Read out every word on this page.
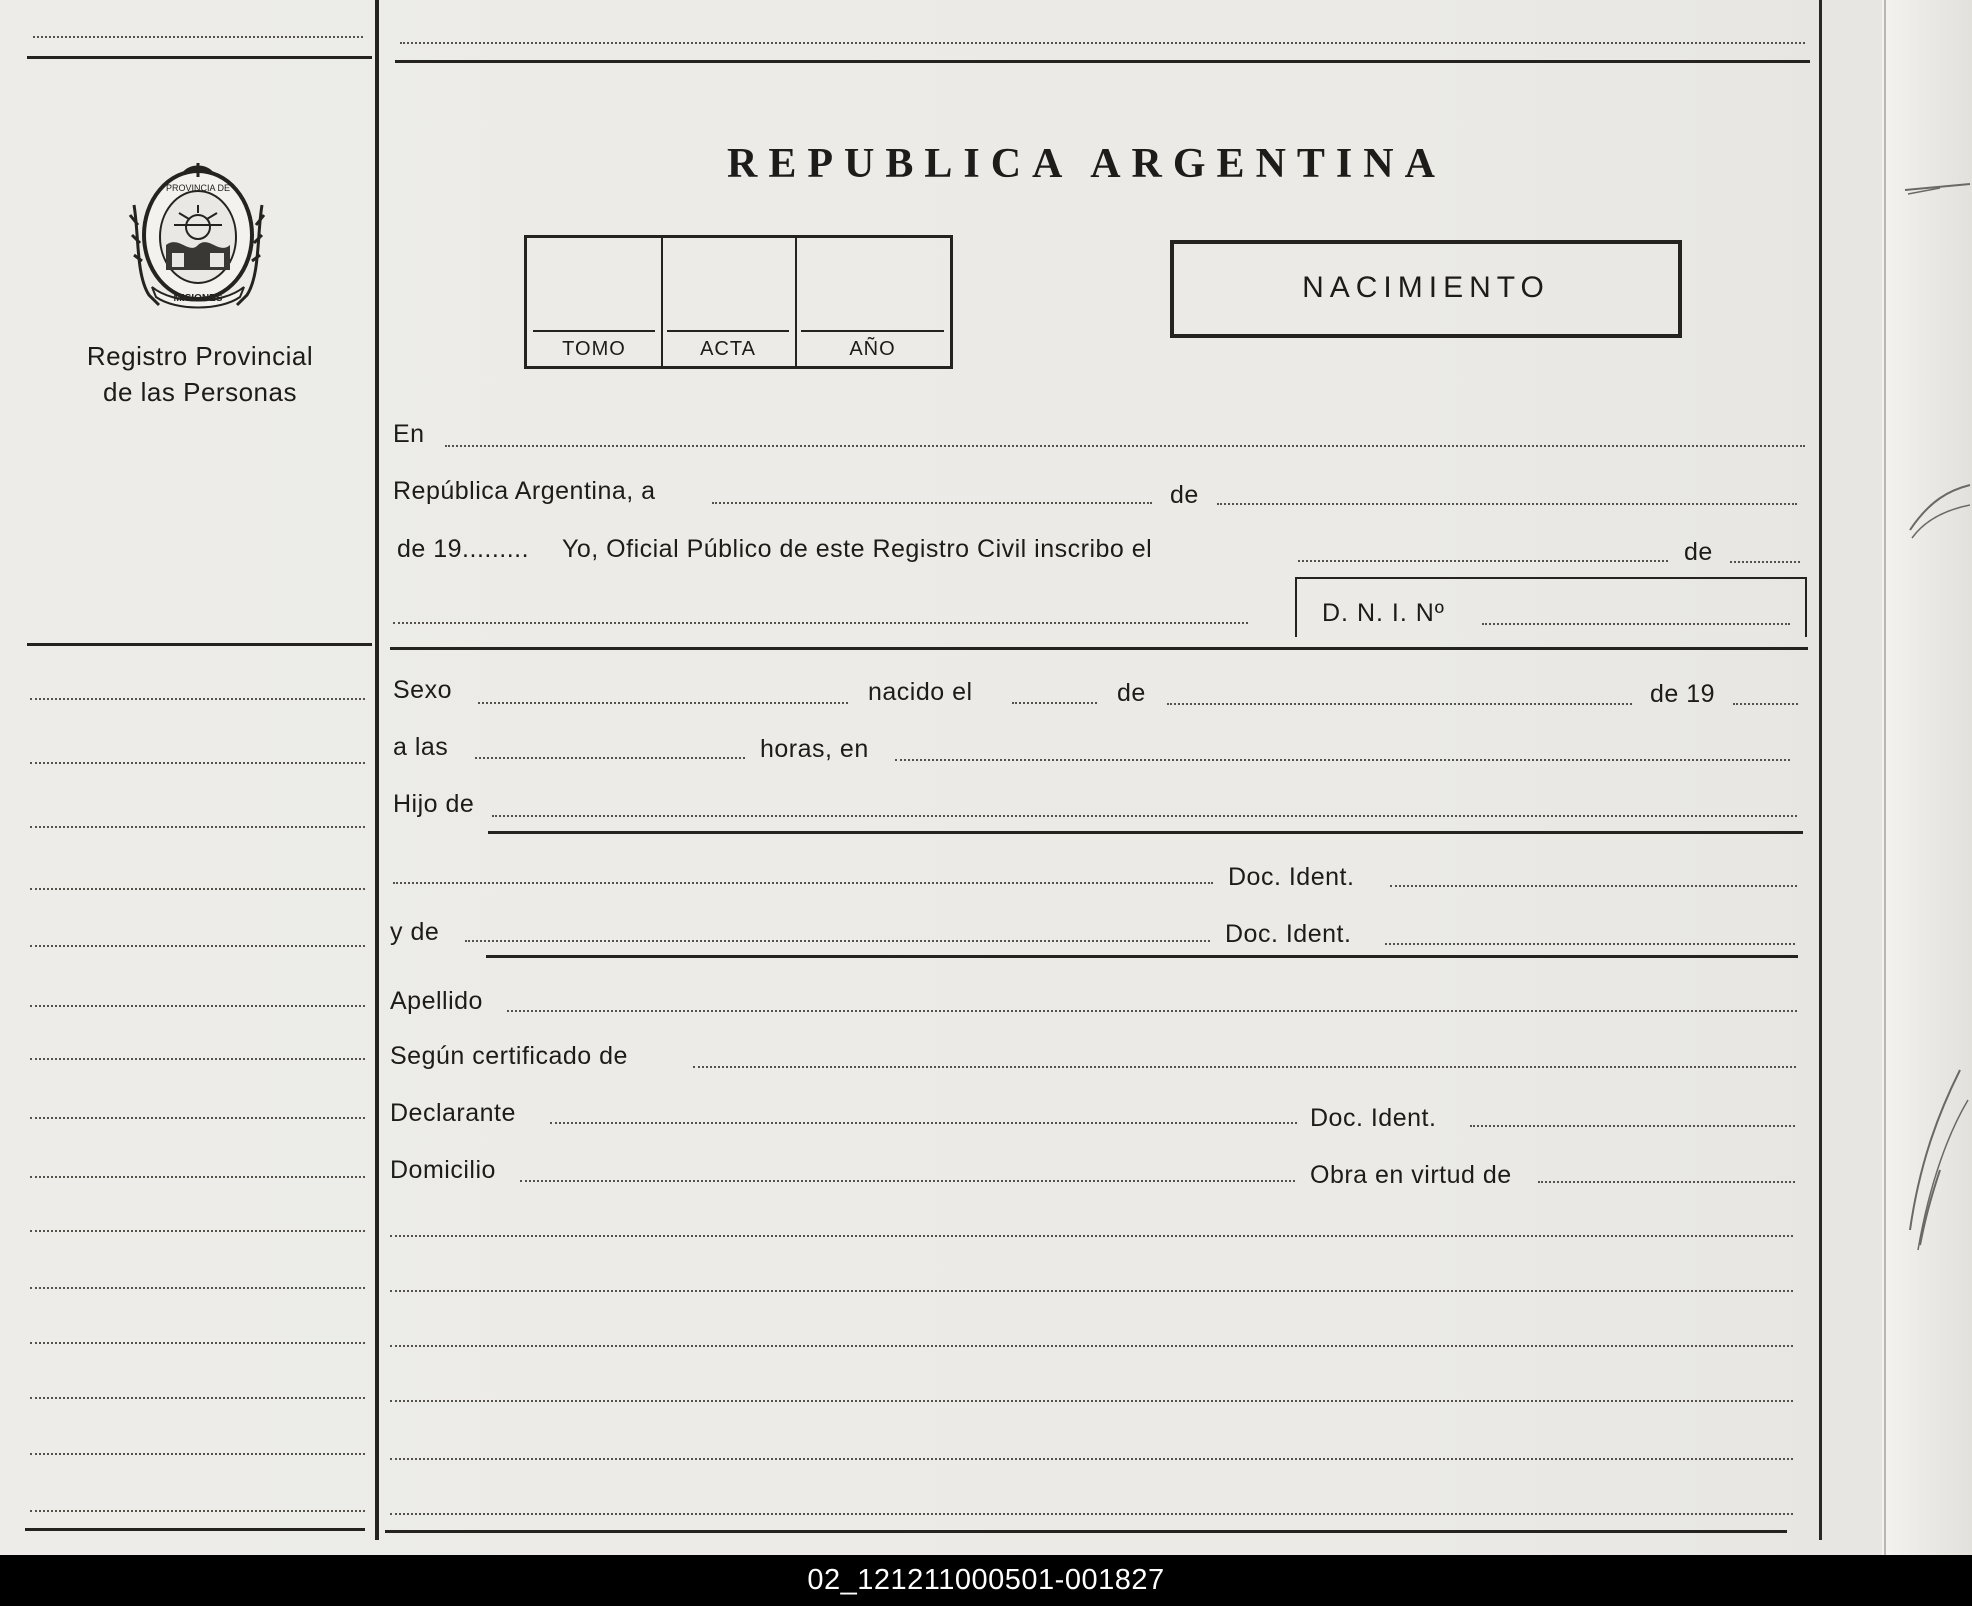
PROVINCIA DE
MISIONES
Registro Provincial
de las Personas
REPUBLICA ARGENTINA
TOMO	ACTA	AÑO
NACIMIENTO
En
República Argentina, a	de
de 19......... Yo, Oficial Público de este Registro Civil inscribo el	de
D. N. I. Nº
Sexo	nacido el	de	de 19
a las	horas, en
Hijo de
Doc. Ident.
y de	Doc. Ident.
Apellido
Según certificado de
Declarante	Doc. Ident.
Domicilio	Obra en virtud de
02_121211000501-001827
